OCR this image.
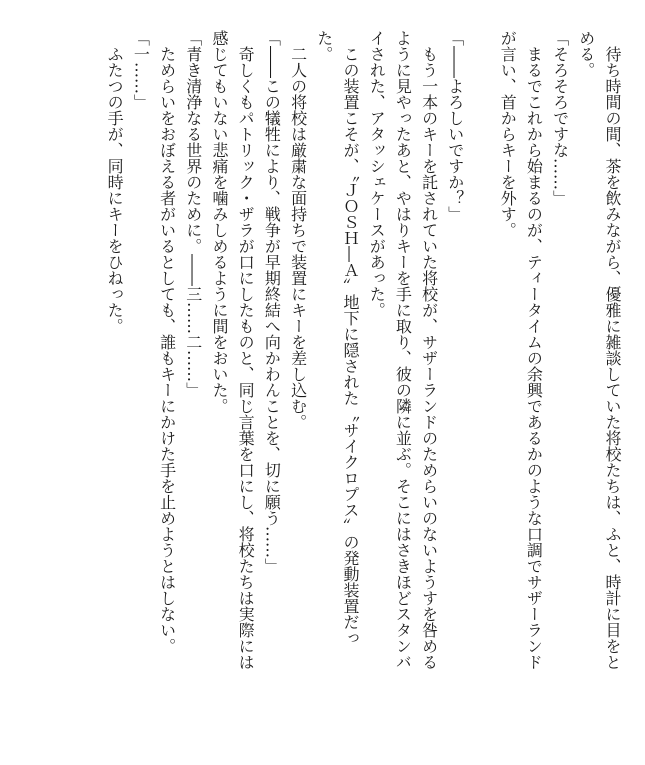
　待ち時間の間、茶を飲みながら、優雅に雑談していた将校たちは、ふと、時計に目をと
める。
「そろそろですな……」
　まるでこれから始まるのが、ティータイムの余興であるかのような口調でサザーランド
が言い、首からキーを外す。
「――よろしいですか？」
　もう一本のキーを託されていた将校が、サザーランドのためらいのないようすを咎める
ように見やったあと、やはりキーを手に取り、彼の隣に並ぶ。そこにはさきほどスタンバ
イされた、アタッシェケースがあった。
　この装置こそが、〝ＪＯＳＨ―Ａ〟地下に隠された〝サイクロプス〟の発動装置だっ
た。
　二人の将校は厳粛な面持ちで装置にキーを差し込む。
「――この犠牲により、戦争が早期終結へ向かわんことを、切に願う……」
　奇しくもパトリック・ザラが口にしたものと、同じ言葉を口にし、将校たちは実際には
感じてもいない悲痛を噛みしめるように間をおいた。
「青き清浄なる世界のために。――三……二……」
　ためらいをおぼえる者がいるとしても、誰もキーにかけた手を止めようとはしない。
「一……」
　ふたつの手が、同時にキーをひねった。
